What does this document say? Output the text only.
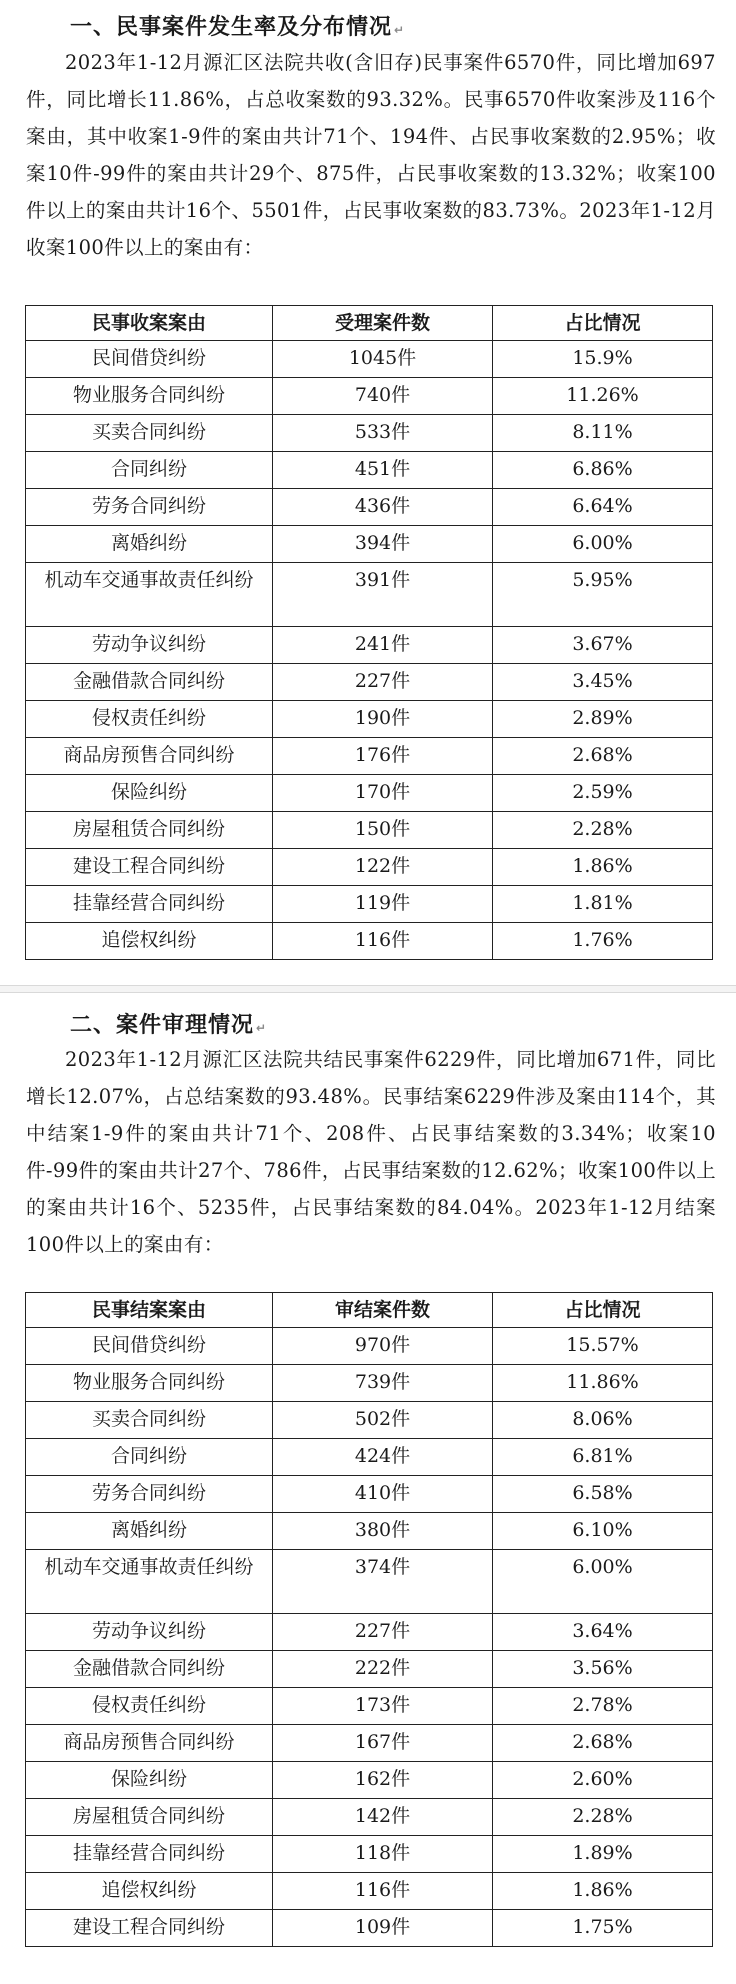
一、民事案件发生率及分布情况 ↵

2023年1-12月源汇区法院共收(含旧存)民事案件6570件，同比增加697件，同比增长11.86%，占总收案数的93.32%。民事6570件收案涉及116个案由，其中收案1-9件的案由共计71个、194件、占民事收案数的2.95%；收案10件-99件的案由共计29个、875件，占民事收案数的13.32%；收案100件以上的案由共计16个、5501件，占民事收案数的83.73%。2023年1-12月收案100件以上的案由有：

民事收案案由	受理案件数	占比情况
民间借贷纠纷	1045件	15.9%
物业服务合同纠纷	740件	11.26%
买卖合同纠纷	533件	8.11%
合同纠纷	451件	6.86%
劳务合同纠纷	436件	6.64%
离婚纠纷	394件	6.00%
机动车交通事故责任纠纷	391件	5.95%
劳动争议纠纷	241件	3.67%
金融借款合同纠纷	227件	3.45%
侵权责任纠纷	190件	2.89%
商品房预售合同纠纷	176件	2.68%
保险纠纷	170件	2.59%
房屋租赁合同纠纷	150件	2.28%
建设工程合同纠纷	122件	1.86%
挂靠经营合同纠纷	119件	1.81%
追偿权纠纷	116件	1.76%
二、案件审理情况 ↵

2023年1-12月源汇区法院共结民事案件6229件，同比增加671件，同比增长12.07%，占总结案数的93.48%。民事结案6229件涉及案由114个，其中结案1-9件的案由共计71个、208件、占民事结案数的3.34%；收案10件-99件的案由共计27个、786件，占民事结案数的12.62%；收案100件以上的案由共计16个、5235件，占民事结案数的84.04%。2023年1-12月结案100件以上的案由有：

民事结案案由	审结案件数	占比情况
民间借贷纠纷	970件	15.57%
物业服务合同纠纷	739件	11.86%
买卖合同纠纷	502件	8.06%
合同纠纷	424件	6.81%
劳务合同纠纷	410件	6.58%
离婚纠纷	380件	6.10%
机动车交通事故责任纠纷	374件	6.00%
劳动争议纠纷	227件	3.64%
金融借款合同纠纷	222件	3.56%
侵权责任纠纷	173件	2.78%
商品房预售合同纠纷	167件	2.68%
保险纠纷	162件	2.60%
房屋租赁合同纠纷	142件	2.28%
挂靠经营合同纠纷	118件	1.89%
追偿权纠纷	116件	1.86%
建设工程合同纠纷	109件	1.75%
